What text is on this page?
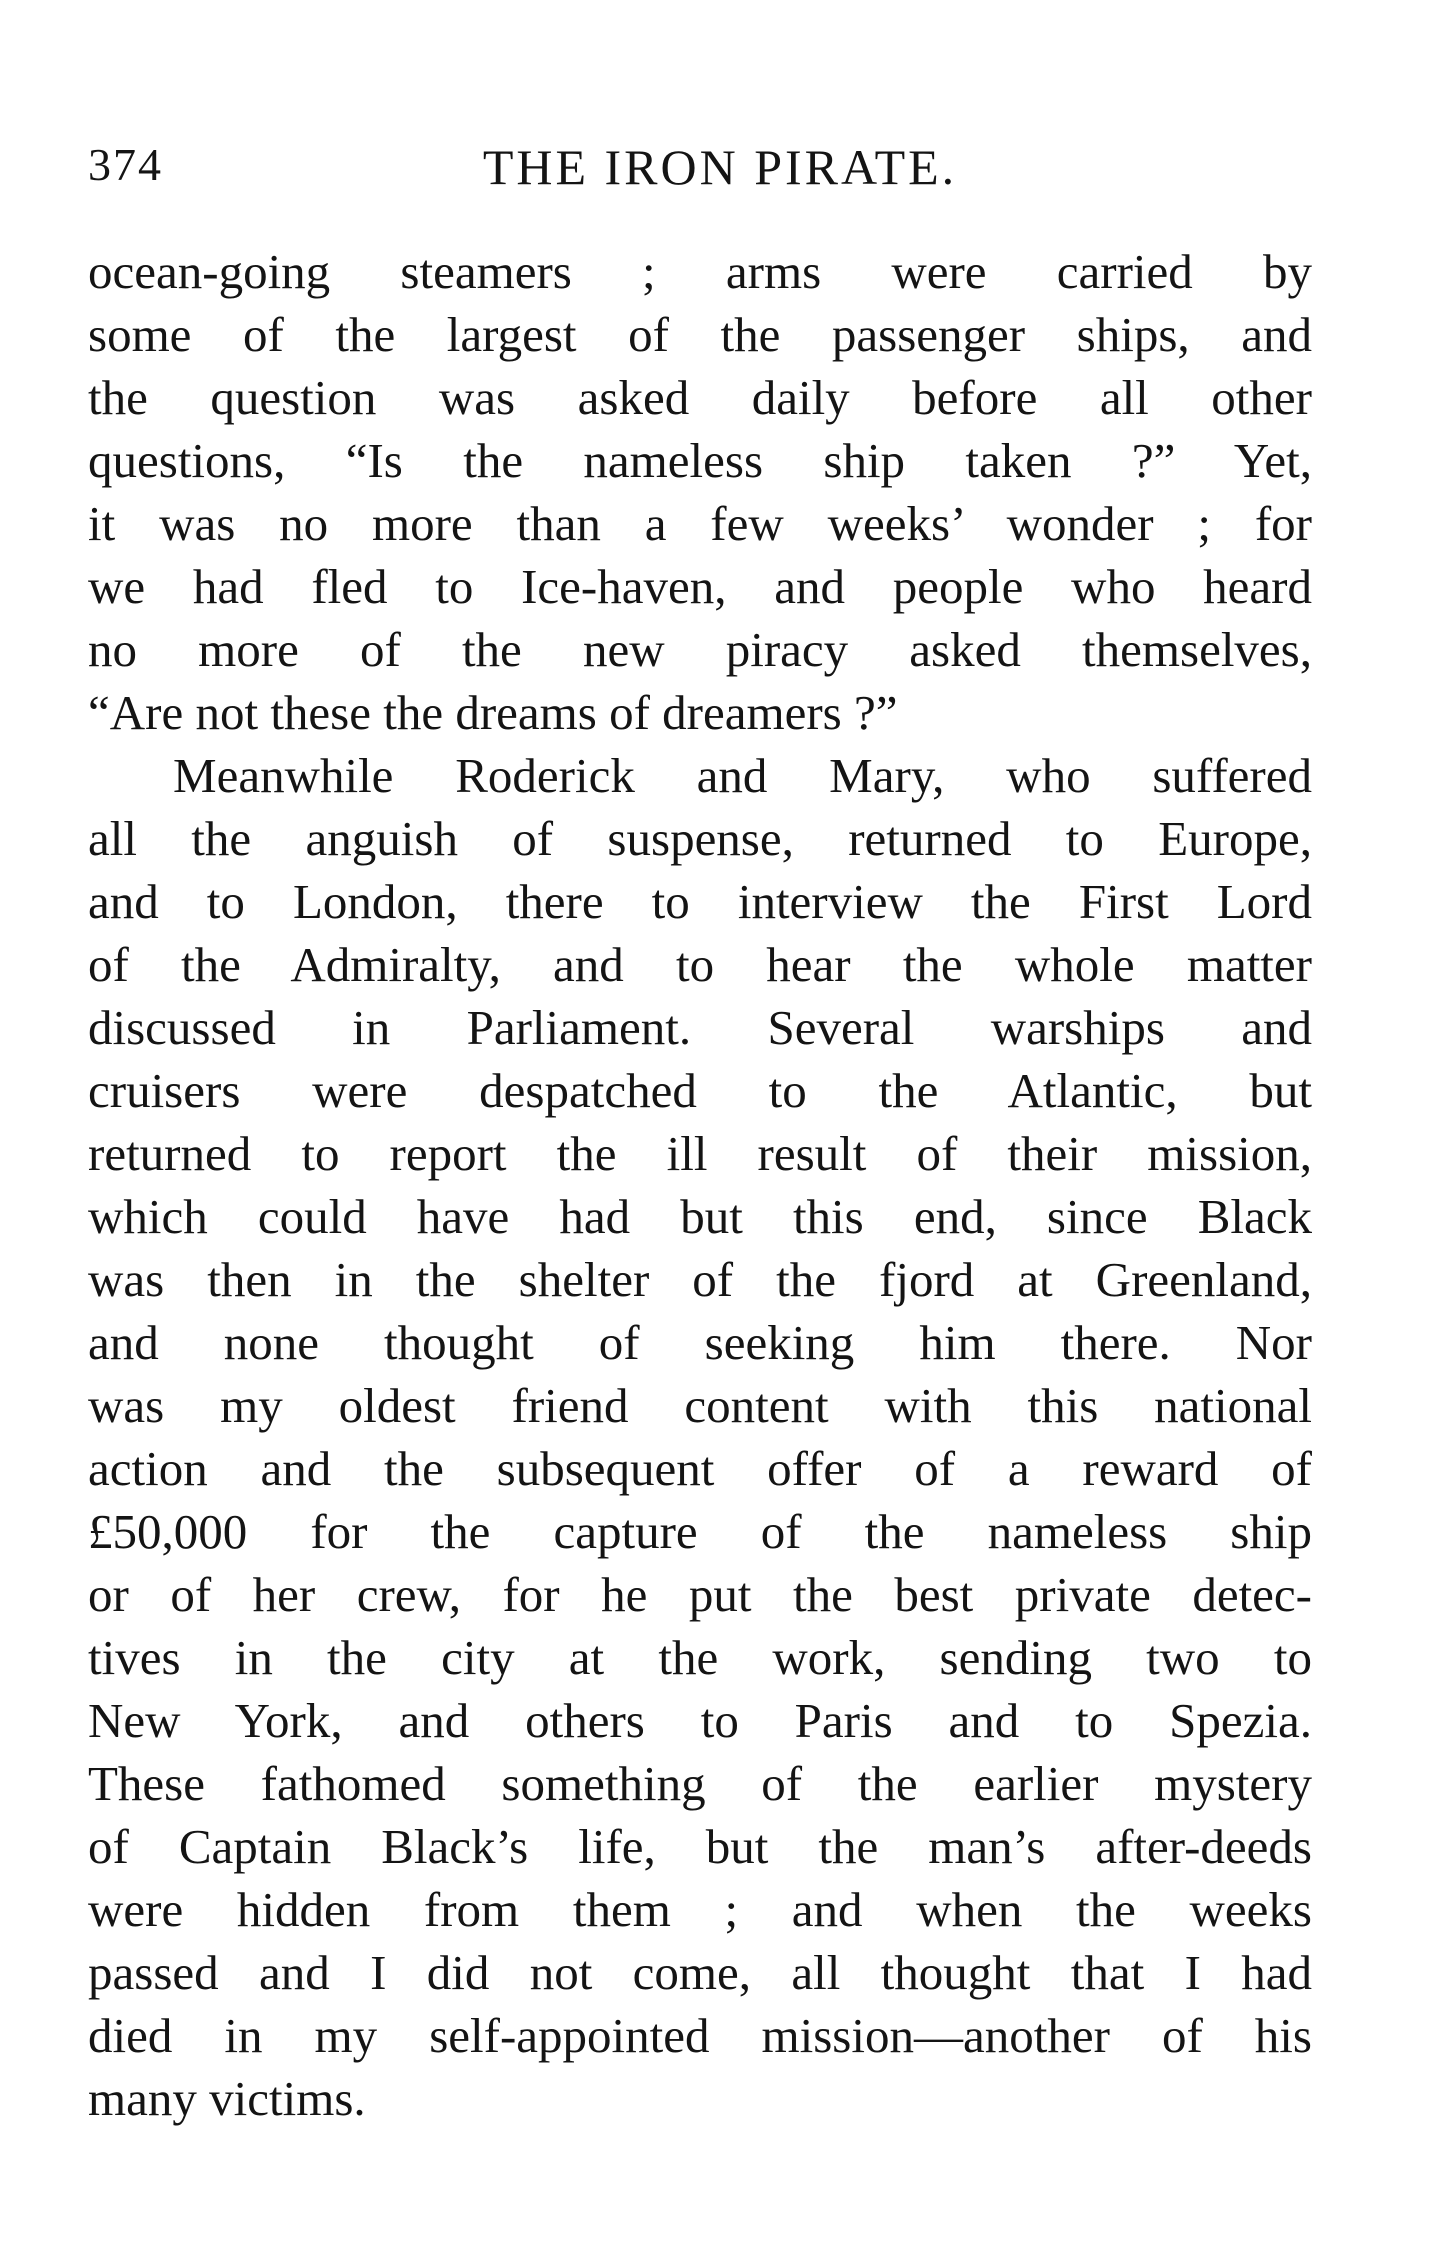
374	THE IRON PIRATE.
ocean-going steamers ; arms were carried by
some of the largest of the passenger ships, and
the question was asked daily before all other
questions, “Is the nameless ship taken ?” Yet,
it was no more than a few weeks’ wonder ; for
we had fled to Ice-haven, and people who heard
no more of the new piracy asked themselves,
“Are not these the dreams of dreamers ?”
Meanwhile Roderick and Mary, who suffered
all the anguish of suspense, returned to Europe,
and to London, there to interview the First Lord
of the Admiralty, and to hear the whole matter
discussed in Parliament. Several warships and
cruisers were despatched to the Atlantic, but
returned to report the ill result of their mission,
which could have had but this end, since Black
was then in the shelter of the fjord at Greenland,
and none thought of seeking him there. Nor
was my oldest friend content with this national
action and the subsequent offer of a reward of
£50,000 for the capture of the nameless ship
or of her crew, for he put the best private detec-
tives in the city at the work, sending two to
New York, and others to Paris and to Spezia.
These fathomed something of the earlier mystery
of Captain Black’s life, but the man’s after-deeds
were hidden from them ; and when the weeks
passed and I did not come, all thought that I had
died in my self-appointed mission—another of his
many victims.
